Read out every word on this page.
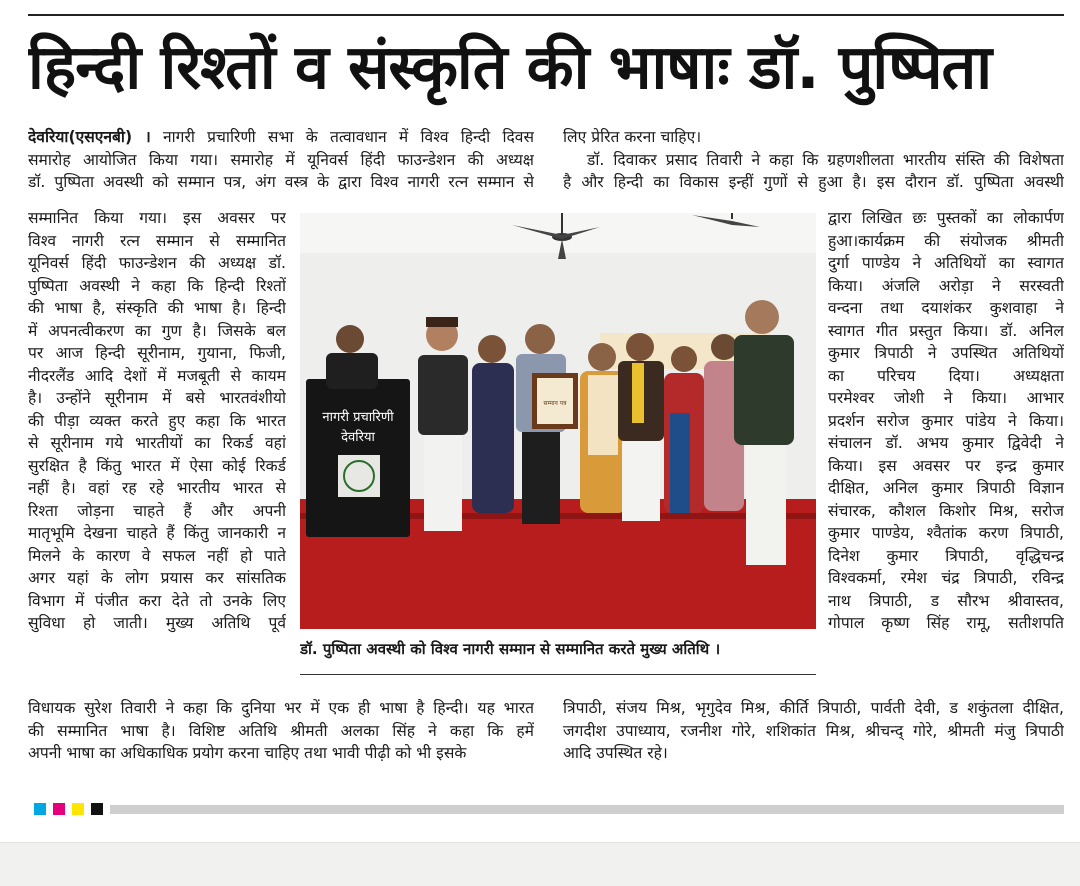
हिन्दी रिश्तों व संस्कृति की भाषाः डॉ. पुष्पिता
देवरिया(एसएनबी) । नागरी प्रचारिणी सभा के तत्वावधान में विश्व हिन्दी दिवस
समारोह आयोजित किया गया। समारोह में यूनिवर्स हिंदी फाउन्डेशन की अध्यक्ष
डॉ. पुष्पिता अवस्थी को सम्मान पत्र, अंग वस्त्र के द्वारा विश्व नागरी रत्न सम्मान से
सम्मानित किया गया। इस अवसर पर
विश्व नागरी रत्न सम्मान से सम्मानित
यूनिवर्स हिंदी फाउन्डेशन की अध्यक्ष डॉ.
पुष्पिता अवस्थी ने कहा कि हिन्दी रिश्तों
की भाषा है, संस्कृति की भाषा है। हिन्दी
में अपनत्वीकरण का गुण है। जिसके बल
पर आज हिन्दी सूरीनाम, गुयाना, फिजी,
नीदरलैंड आदि देशों में मजबूती से कायम
है। उन्होंने सूरीनाम में बसे भारतवंशीयो
की पीड़ा व्यक्त करते हुए कहा कि भारत
से सूरीनाम गये भारतीयों का रिकर्ड वहां
सुरक्षित है किंतु भारत में ऐसा कोई रिकर्ड
नहीं है। वहां रह रहे भारतीय भारत से
रिश्ता जोड़ना चाहते हैं और अपनी
मातृभूमि देखना चाहते हैं किंतु जानकारी न
मिलने के कारण वे सफल नहीं हो पाते
अगर यहां के लोग प्रयास कर सांसतिक
विभाग में पंजीत करा देते तो उनके लिए
सुविधा हो जाती। मुख्य अतिथि पूर्व
विधायक सुरेश तिवारी ने कहा कि दुनिया भर में एक ही भाषा है हिन्दी। यह भारत
की सम्मानित भाषा है। विशिष्ट अतिथि श्रीमती अलका सिंह ने कहा कि हमें
अपनी भाषा का अधिकाधिक प्रयोग करना चाहिए तथा भावी पीढ़ी को भी इसके
लिए प्रेरित करना चाहिए।
डॉ. दिवाकर प्रसाद तिवारी ने कहा कि ग्रहणशीलता भारतीय संस्ति की विशेषता
है और हिन्दी का विकास इन्हीं गुणों से हुआ है। इस दौरान डॉ. पुष्पिता अवस्थी
द्वारा लिखित छः पुस्तकों का लोकार्पण
हुआ।कार्यक्रम की संयोजक श्रीमती
दुर्गा पाण्डेय ने अतिथियों का स्वागत
किया। अंजलि अरोड़ा ने सरस्वती
वन्दना तथा दयाशंकर कुशवाहा ने
स्वागत गीत प्रस्तुत किया। डॉ. अनिल
कुमार त्रिपाठी ने उपस्थित अतिथियों
का परिचय दिया। अध्यक्षता
परमेश्वर जोशी ने किया। आभार
प्रदर्शन सरोज कुमार पांडेय ने किया।
संचालन डॉ. अभय कुमार द्विवेदी ने
किया। इस अवसर पर इन्द्र कुमार
दीक्षित, अनिल कुमार त्रिपाठी विज्ञान
संचारक, कौशल किशोर मिश्र, सरोज
कुमार पाण्डेय, श्वैतांक करण त्रिपाठी,
दिनेश कुमार त्रिपाठी, वृद्धिचन्द्र
विश्वकर्मा, रमेश चंद्र त्रिपाठी, रविन्द्र
नाथ त्रिपाठी, ड सौरभ श्रीवास्तव,
गोपाल कृष्ण सिंह रामू, सतीशपति
त्रिपाठी, संजय मिश्र, भृगुदेव मिश्र, कीर्ति त्रिपाठी, पार्वती देवी, ड शकुंतला दीक्षित,
जगदीश उपाध्याय, रजनीश गोरे, शशिकांत मिश्र, श्रीचन्द् गोरे, श्रीमती मंजु त्रिपाठी
आदि उपस्थित रहे।
नागरी प्रचारिणी
देवरिया
सम्मान पत्र
डॉ. पुष्पिता अवस्थी को विश्व नागरी सम्मान से सम्मानित करते मुख्य अतिथि ।
